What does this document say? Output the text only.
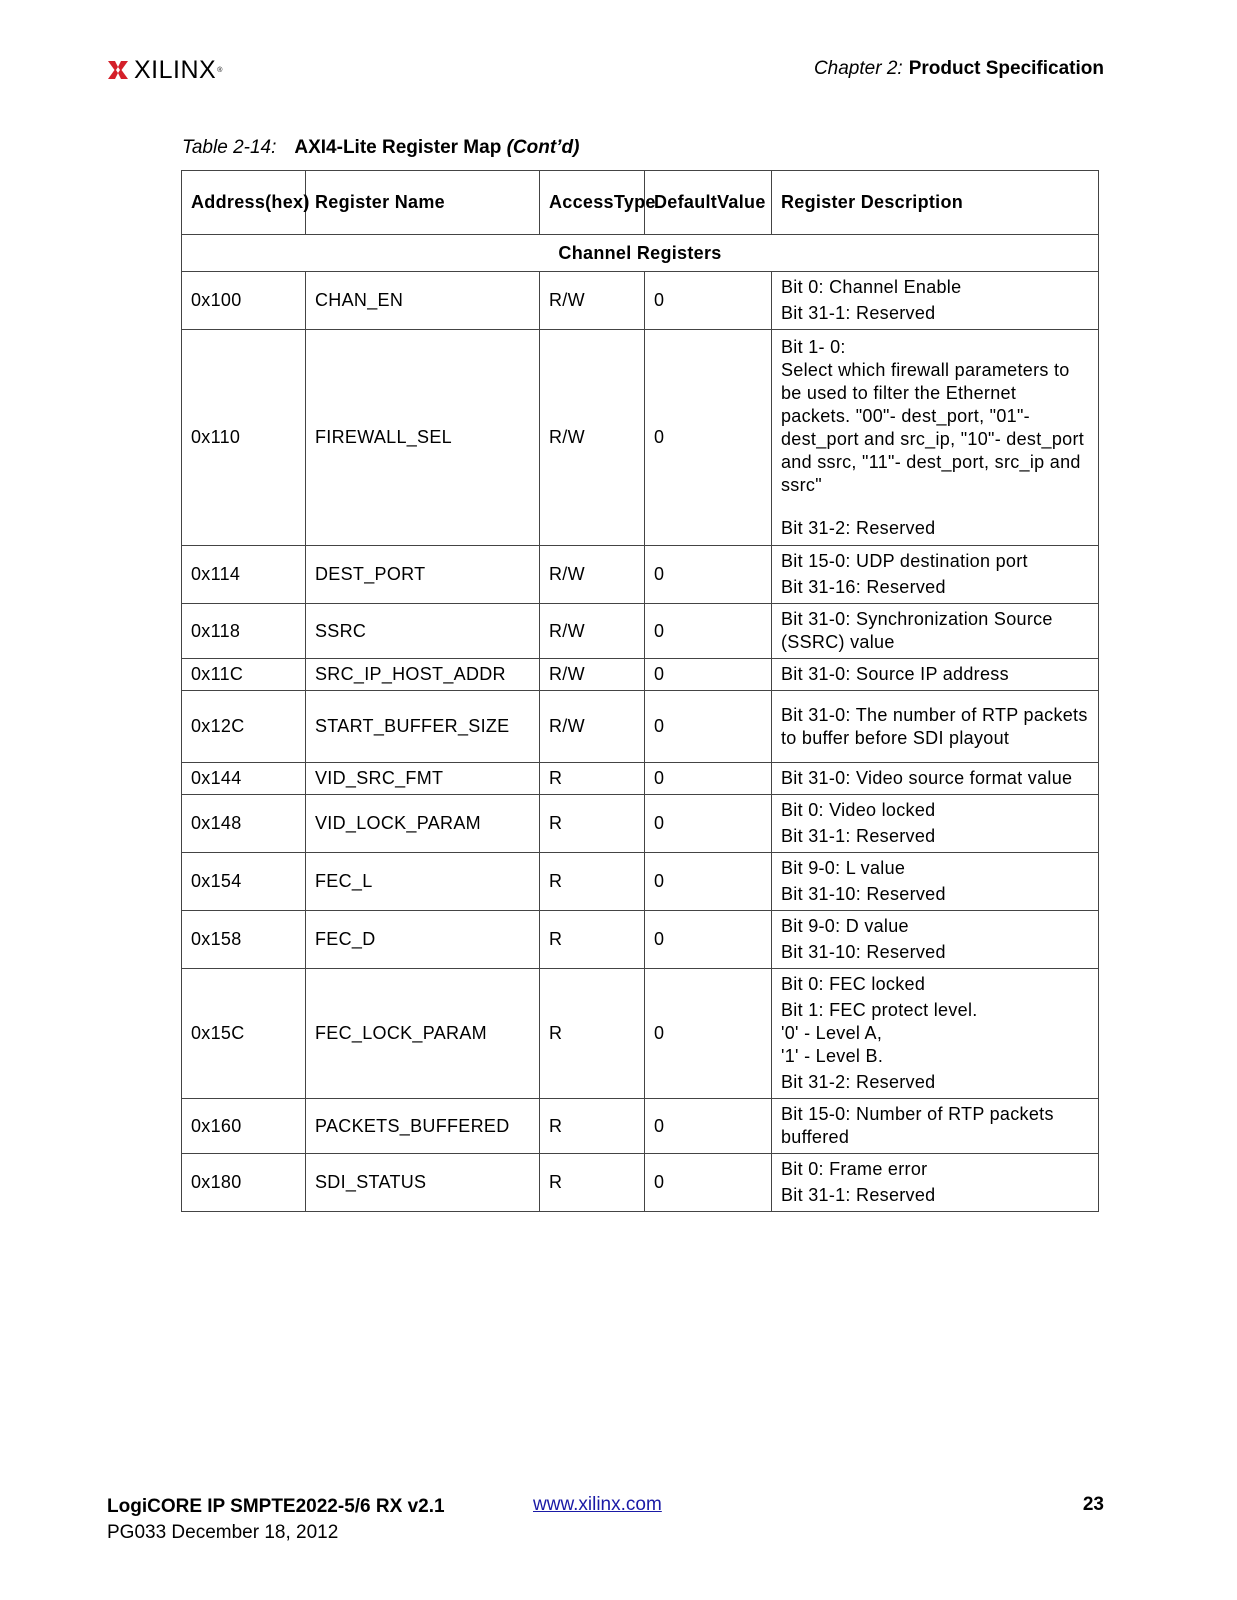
XILINX ®	Chapter 2: Product Specification
Table 2-14: AXI4-Lite Register Map (Cont’d)
Address(hex)	Register Name	AccessType	DefaultValue	Register Description
Channel Registers				
0x100	CHAN_EN	R/W	0	Bit 0: Channel Enable
Bit 31-1: Reserved

0x110	FIREWALL_SEL	R/W	0	Bit 1- 0:
Select which firewall parameters to be used to filter the Ethernet packets. "00"- dest_port, "01"- dest_port and src_ip, "10"- dest_port and ssrc, "11"- dest_port, src_ip and ssrc"
Bit 31-2: Reserved

0x114	DEST_PORT	R/W	0	Bit 15-0: UDP destination port
Bit 31-16: Reserved

0x118	SSRC	R/W	0	Bit 31-0: Synchronization Source (SSRC) value

0x11C	SRC_IP_HOST_ADDR	R/W	0	Bit 31-0: Source IP address

0x12C	START_BUFFER_SIZE	R/W	0	Bit 31-0: The number of RTP packets to buffer before SDI playout

0x144	VID_SRC_FMT	R	0	Bit 31-0: Video source format value

0x148	VID_LOCK_PARAM	R	0	Bit 0: Video locked
Bit 31-1: Reserved

0x154	FEC_L	R	0	Bit 9-0: L value
Bit 31-10: Reserved

0x158	FEC_D	R	0	Bit 9-0: D value
Bit 31-10: Reserved

0x15C	FEC_LOCK_PARAM	R	0	Bit 0: FEC locked
Bit 1: FEC protect level.
'0' - Level A,
'1' - Level B.
Bit 31-2: Reserved

0x160	PACKETS_BUFFERED	R	0	Bit 15-0: Number of RTP packets buffered

0x180	SDI_STATUS	R	0	Bit 0: Frame error
Bit 31-1: Reserved
LogiCORE IP SMPTE2022-5/6 RX v2.1
PG033 December 18, 2012
www.xilinx.com	23
